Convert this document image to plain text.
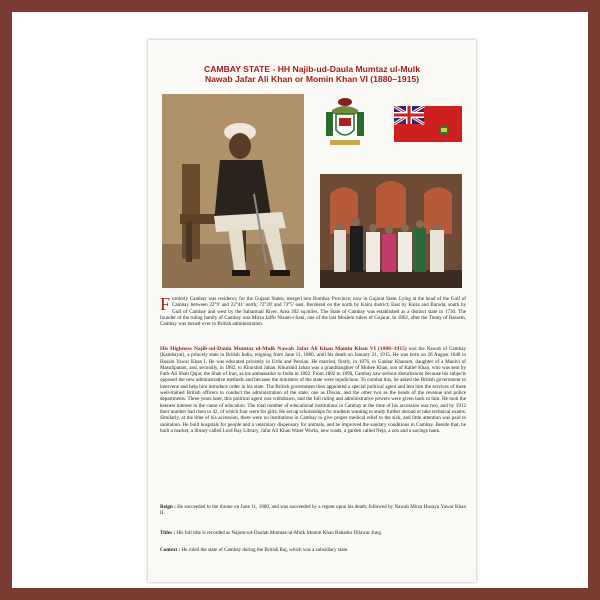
CAMBAY STATE - HH Najib-ud-Daula Mumtaz ul-Mulk
Nawab Jafar Ali Khan or Momin Khan VI (1880–1915)

Formerly Cambay was residency for the Gujarat States, merged into Bombay Province; now in Gujarat State. Lying at the head of the Gulf of Cambay between 22°9' and 22°41' north; 72°20' and 73°5' east. Bordered on the north by Kaira district; East by Kaira and Baroda; south by Gulf of Cambay and west by the Sabarmati River. Area 392 sq.miles. The State of Cambay was established as a distinct state in 1730. The founder of the ruling family of Cambay was Mirza Jaffir Nisam-i-Sani, one of the last Moslem rulers of Gujarat. In 1802, after the Treaty of Bassein, Cambay was turned over to British administration.

His Highness Najib-ud-Daula Mumtaz ul-Mulk Nawab Jafar Ali Khan Momin Khan VI (1880–1915) was the Nawab of Cambay (Kambayat), a princely state in British India, reigning from June 11, 1880, until his death on January 21, 1915. He was born on 26 August 1848 to Husain Yawar Khan I. He was educated privately in Urdu and Persian. He married, firstly, in 1876, to Gauhar Khanum, daughter of a Maulvi of Masulipatam, and, secondly, in 1882, to Khurshid Jahan. Khurshid Jahan was a granddaughter of Mobee Khan, son of Kallel Khan, who was sent by Fath-Ali Shah Qajar, the Shah of Iran, as his ambassador to India in 1802. From 1882 to 1890, Cambay saw serious disturbances because his subjects opposed the new administrative methods and because the ministers of the state were injudicious. To combat this, he asked the British government to intervene and help him introduce order in his state. The British government then appointed a special political agent and lent him the services of three well-trained British officers to conduct the administration of the state: one as Diwan, and the other two as the heads of the revenue and police departments. Three years later, this political agent was withdrawn, and the full ruling and administrative powers were given back to him. He took the keenest interest in the cause of education. The total number of educational institutions in Cambay at the time of his accession was two, and by 1912 their number had risen to 42, of which four were for girls. He set up scholarships for students wanting to study further abroad or take technical exams. Similarly, at the time of his accession, there were no institutions in Cambay to give proper medical relief to the sick, and little attention was paid to sanitation. He built hospitals for people and a veterinary dispensary for animals, and he improved the sanitary conditions in Cambay. Beside that, he built a market, a library called Lord Ray Library, Jafar Ali Khan Water Works, new roads, a garden called Neja, a zoo and a savings bank.

Reign : He succeeded to the throne on June 11, 1880, and was succeeded by a regent upon his death, followed by Nawab Mirza Husayn Yawar Khan II.

Titles : His full title is recorded as Najum-ud-Daulah Mumtaz-ul-Mulk Momin Khan Bahadur Dilawar Jung.

Context : He ruled the state of Cambay during the British Raj, which was a subsidiary state.
